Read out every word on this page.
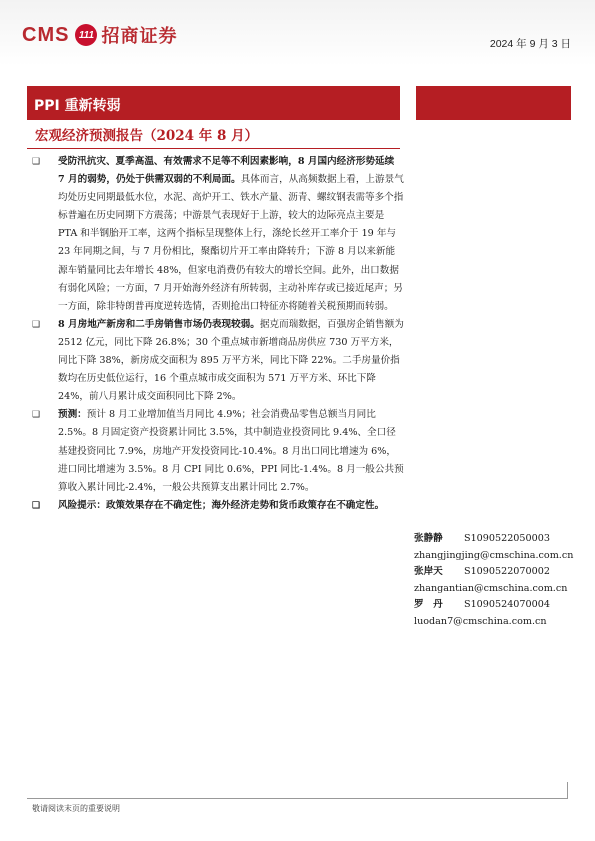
CMS 111 招商证券	2024 年 9 月 3 日
PPI 重新转弱
宏观经济预测报告（2024 年 8 月）
❑ 受防汛抗灾、夏季高温、有效需求不足等不利因素影响，8 月国内经济形势延续 7 月的弱势，仍处于供需双弱的不利局面。具体而言，从高频数据上看，上游景气均处历史同期最低水位，水泥、高炉开工、铁水产量、沥青、螺纹钢表需等多个指标普遍在历史同期下方震荡；中游景气表现好于上游，较大的边际亮点主要是 PTA 和半钢胎开工率，这两个指标呈现整体上行，涤纶长丝开工率介于 19 年与 23 年同期之间，与 7 月份相比，聚酯切片开工率由降转升；下游 8 月以来新能源车销量同比去年增长 48%，但家电消费仍有较大的增长空间。此外，出口数据有弱化风险；一方面，7 月开始海外经济有所转弱，主动补库存或已接近尾声；另一方面，除非特朗普再度逆转选情，否则抢出口特征亦将随着关税预期而转弱。
❑ 8 月房地产新房和二手房销售市场仍表现较弱。据克而瑞数据，百强房企销售额为 2512 亿元，同比下降 26.8%；30 个重点城市新增商品房供应 730 万平方米，同比下降 38%，新房成交面积为 895 万平方米，同比下降 22%。二手房量价指数均在历史低位运行，16 个重点城市成交面积为 571 万平方米、环比下降 24%，前八月累计成交面积同比下降 2%。
❑ 预测：预计 8 月工业增加值当月同比 4.9%；社会消费品零售总额当月同比 2.5%。8 月固定资产投资累计同比 3.5%，其中制造业投资同比 9.4%、全口径基建投资同比 7.9%，房地产开发投资同比-10.4%。8 月出口同比增速为 6%，进口同比增速为 3.5%。8 月 CPI 同比 0.6%，PPI 同比-1.4%。8 月一般公共预算收入累计同比-2.4%，一般公共预算支出累计同比 2.7%。
❑ 风险提示：政策效果存在不确定性；海外经济走势和货币政策存在不确定性。
张静静	S1090522050003
zhangjingjing@cmschina.com.cn
张岸天	S1090522070002
zhangantian@cmschina.com.cn
罗　丹	S1090524070004
luodan7@cmschina.com.cn
敬请阅读末页的重要说明
